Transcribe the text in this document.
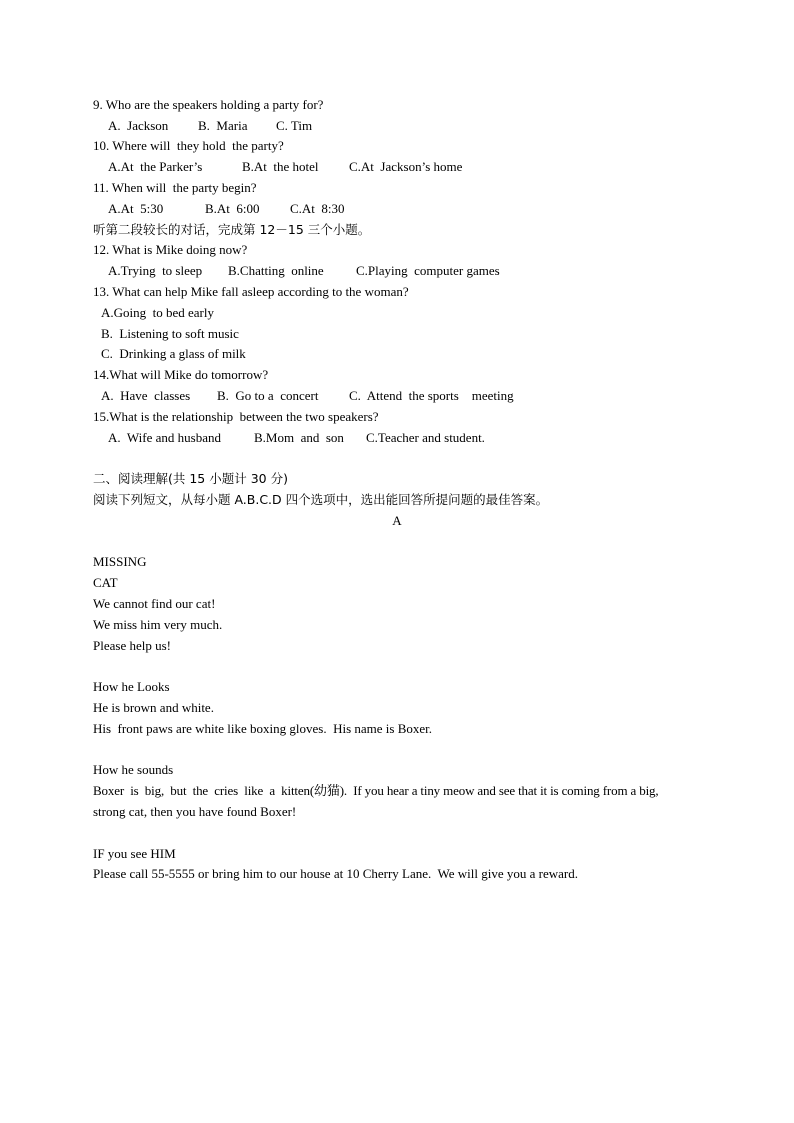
9. Who are the speakers holding a party for?
A.  Jackson B.  Maria C. Tim
10. Where will  they hold  the party?
A.At  the Parker’s	B.At  the hotel C.At  Jackson’s home
11. When will  the party begin?
A.At  5:30	B.At  6:00 C.At  8:30
听第二段较长的对话，完成第 12－15 三个小题。
12. What is Mike doing now?
A.Trying  to sleep B.Chatting  online C.Playing  computer games
13. What can help Mike fall asleep according to the woman?
A.Going  to bed early
B.  Listening to soft music
C.  Drinking a glass of milk
14.What will Mike do tomorrow?
A.  Have  classes B.  Go to a  concert C.  Attend  the sports    meeting
15.What is the relationship  between the two speakers?
A.  Wife and husband	B.Mom  and  son C.Teacher and student.
二、阅读理解(共 15 小题计 30 分)
阅读下列短文，从每小题 A.B.C.D 四个选项中，选出能回答所提问题的最佳答案。
A
MISSING
CAT
We cannot find our cat!
We miss him very much.
Please help us!
How he Looks
He is brown and white.
His  front paws are white like boxing gloves.  His name is Boxer.
How he sounds
Boxer  is  big,  but  the  cries  like  a  kitten(幼猫).  If you hear a tiny meow and see that it is coming from a big,
strong cat, then you have found Boxer!
IF you see HIM
Please call 55-5555 or bring him to our house at 10 Cherry Lane.  We will give you a reward.
